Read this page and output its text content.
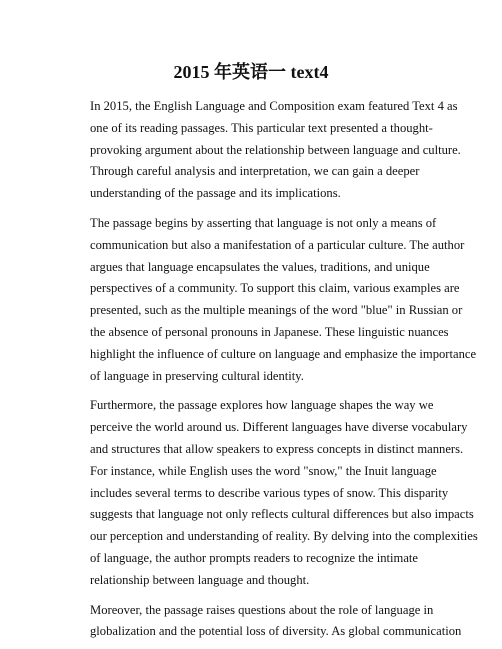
2015 年英语一 text4

In 2015, the English Language and Composition exam featured Text 4 as
one of its reading passages. This particular text presented a thought-
provoking argument about the relationship between language and culture.
Through careful analysis and interpretation, we can gain a deeper
understanding of the passage and its implications.

The passage begins by asserting that language is not only a means of
communication but also a manifestation of a particular culture. The author
argues that language encapsulates the values, traditions, and unique
perspectives of a community. To support this claim, various examples are
presented, such as the multiple meanings of the word "blue" in Russian or
the absence of personal pronouns in Japanese. These linguistic nuances
highlight the influence of culture on language and emphasize the importance
of language in preserving cultural identity.

Furthermore, the passage explores how language shapes the way we
perceive the world around us. Different languages have diverse vocabulary
and structures that allow speakers to express concepts in distinct manners.
For instance, while English uses the word "snow," the Inuit language
includes several terms to describe various types of snow. This disparity
suggests that language not only reflects cultural differences but also impacts
our perception and understanding of reality. By delving into the complexities
of language, the author prompts readers to recognize the intimate
relationship between language and thought.

Moreover, the passage raises questions about the role of language in
globalization and the potential loss of diversity. As global communication
